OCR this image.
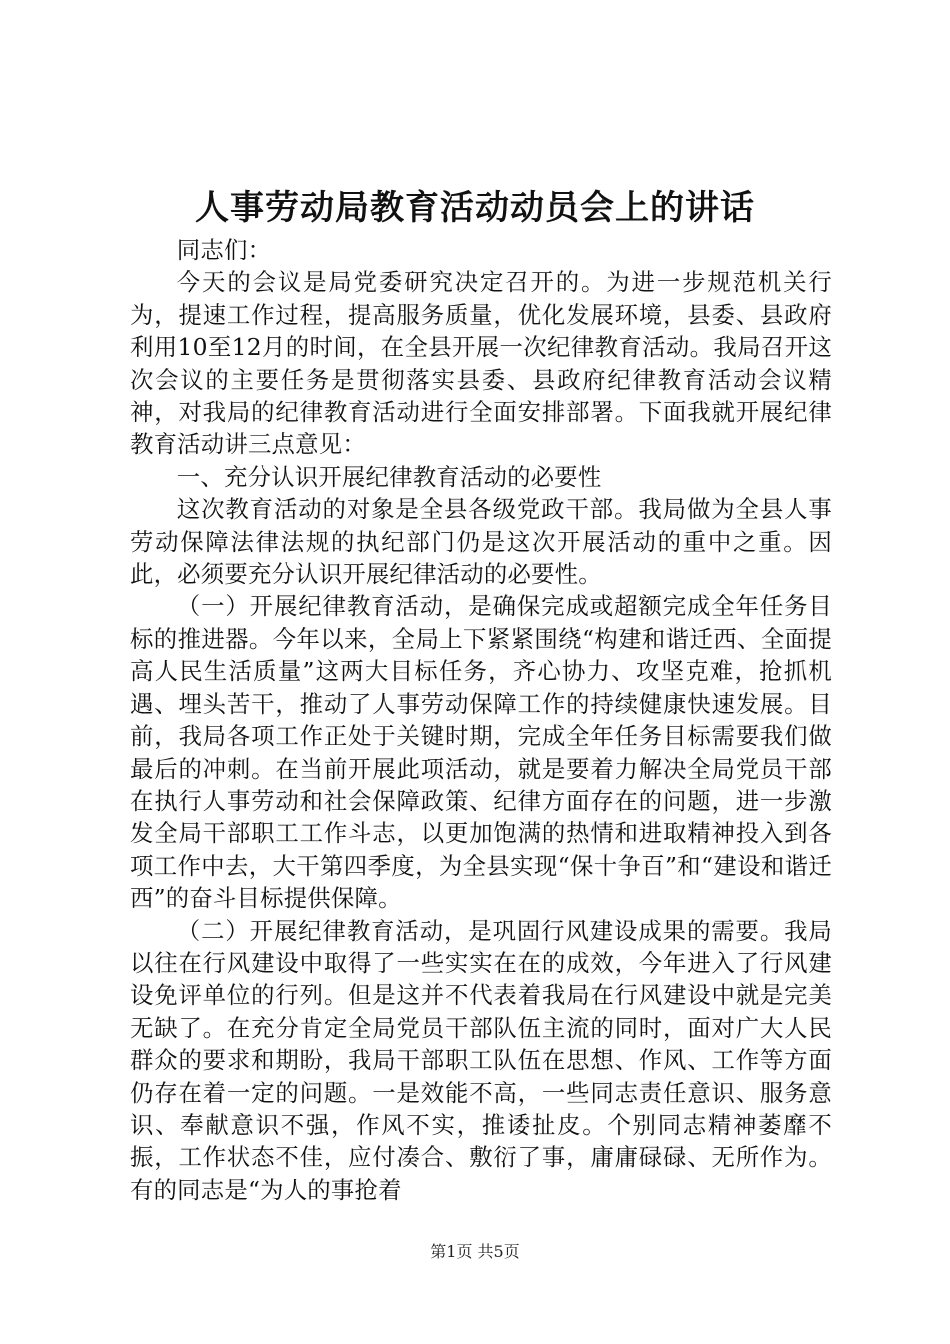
人事劳动局教育活动动员会上的讲话

同志们：

今天的会议是局党委研究决定召开的。为进一步规范机关行为，提速工作过程，提高服务质量，优化发展环境，县委、县政府利用10至12月的时间，在全县开展一次纪律教育活动。我局召开这次会议的主要任务是贯彻落实县委、县政府纪律教育活动会议精神，对我局的纪律教育活动进行全面安排部署。下面我就开展纪律教育活动讲三点意见：

一、充分认识开展纪律教育活动的必要性

这次教育活动的对象是全县各级党政干部。我局做为全县人事劳动保障法律法规的执纪部门仍是这次开展活动的重中之重。因此，必须要充分认识开展纪律活动的必要性。

（一）开展纪律教育活动，是确保完成或超额完成全年任务目标的推进器。今年以来，全局上下紧紧围绕“构建和谐迁西、全面提高人民生活质量”这两大目标任务，齐心协力、攻坚克难，抢抓机遇、埋头苦干，推动了人事劳动保障工作的持续健康快速发展。目前，我局各项工作正处于关键时期，完成全年任务目标需要我们做最后的冲刺。在当前开展此项活动，就是要着力解决全局党员干部在执行人事劳动和社会保障政策、纪律方面存在的问题，进一步激发全局干部职工工作斗志，以更加饱满的热情和进取精神投入到各项工作中去，大干第四季度，为全县实现“保十争百”和“建设和谐迁西”的奋斗目标提供保障。

（二）开展纪律教育活动，是巩固行风建设成果的需要。我局以往在行风建设中取得了一些实实在在的成效，今年进入了行风建设免评单位的行列。但是这并不代表着我局在行风建设中就是完美无缺了。在充分肯定全局党员干部队伍主流的同时，面对广大人民群众的要求和期盼，我局干部职工队伍在思想、作风、工作等方面仍存在着一定的问题。一是效能不高，一些同志责任意识、服务意识、奉献意识不强，作风不实，推诿扯皮。个别同志精神萎靡不振，工作状态不佳，应付凑合、敷衍了事，庸庸碌碌、无所作为。有的同志是“为人的事抢着

第1页 共5页
